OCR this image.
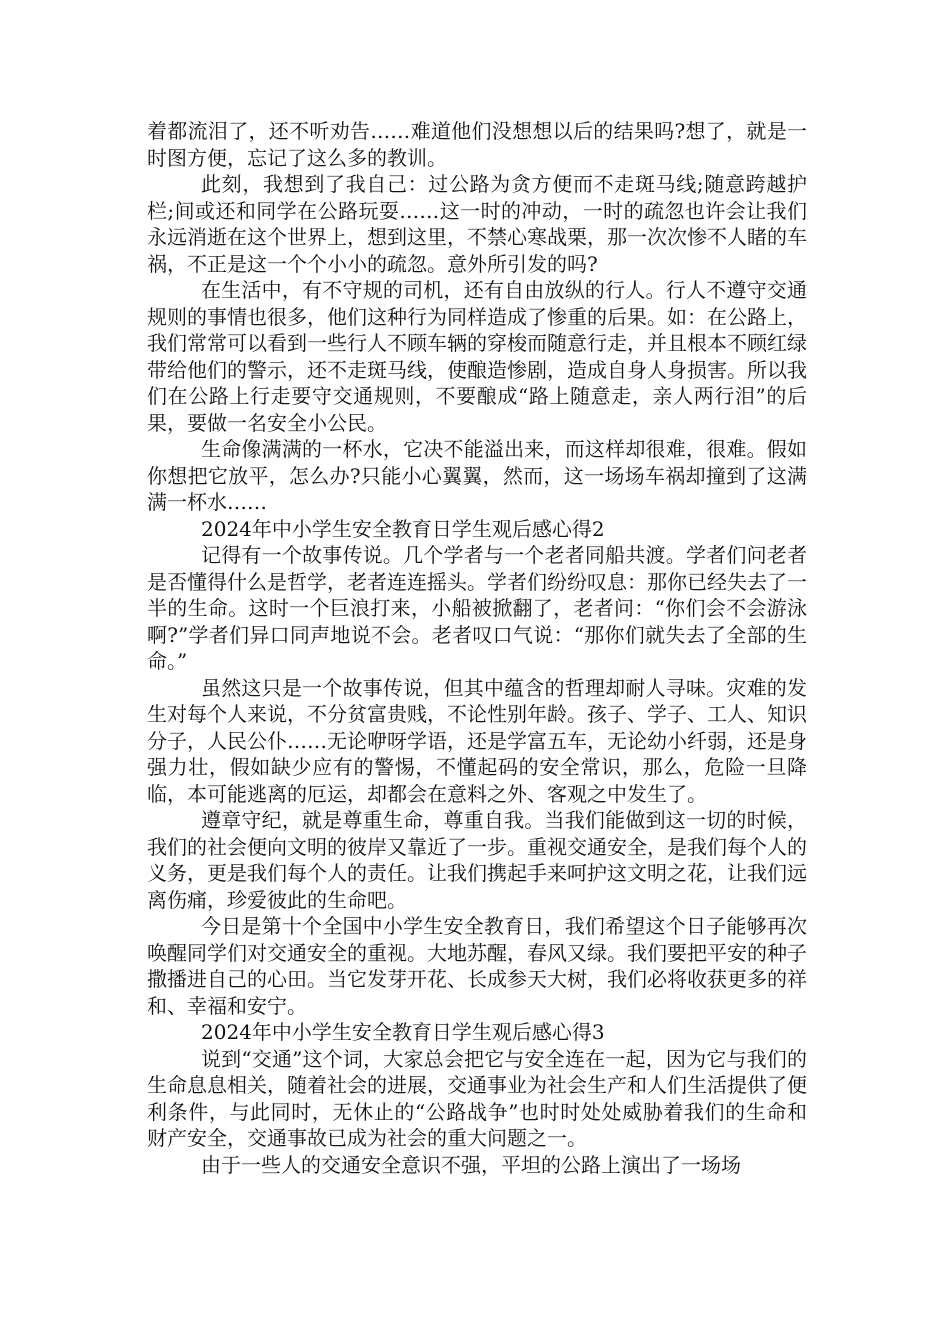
着都流泪了，还不听劝告……难道他们没想想以后的结果吗?想了，就是一时图方便，忘记了这么多的教训。

此刻，我想到了我自己：过公路为贪方便而不走斑马线;随意跨越护栏;间或还和同学在公路玩耍……这一时的冲动，一时的疏忽也许会让我们永远消逝在这个世界上，想到这里，不禁心寒战栗，那一次次惨不人睹的车祸，不正是这一个个小小的疏忽。意外所引发的吗?

在生活中，有不守规的司机，还有自由放纵的行人。行人不遵守交通规则的事情也很多，他们这种行为同样造成了惨重的后果。如：在公路上，我们常常可以看到一些行人不顾车辆的穿梭而随意行走，并且根本不顾红绿带给他们的警示，还不走斑马线，使酿造惨剧，造成自身人身损害。所以我们在公路上行走要守交通规则，不要酿成“路上随意走，亲人两行泪”的后果，要做一名安全小公民。

生命像满满的一杯水，它决不能溢出来，而这样却很难，很难。假如你想把它放平，怎么办?只能小心翼翼，然而，这一场场车祸却撞到了这满满一杯水……

2024年中小学生安全教育日学生观后感心得2

记得有一个故事传说。几个学者与一个老者同船共渡。学者们问老者是否懂得什么是哲学，老者连连摇头。学者们纷纷叹息：那你已经失去了一半的生命。这时一个巨浪打来，小船被掀翻了，老者问：“你们会不会游泳啊?”学者们异口同声地说不会。老者叹口气说：“那你们就失去了全部的生命。”

虽然这只是一个故事传说，但其中蕴含的哲理却耐人寻味。灾难的发生对每个人来说，不分贫富贵贱，不论性别年龄。孩子、学子、工人、知识分子，人民公仆……无论咿呀学语，还是学富五车，无论幼小纤弱，还是身强力壮，假如缺少应有的警惕，不懂起码的安全常识，那么，危险一旦降临，本可能逃离的厄运，却都会在意料之外、客观之中发生了。

遵章守纪，就是尊重生命，尊重自我。当我们能做到这一切的时候，我们的社会便向文明的彼岸又靠近了一步。重视交通安全，是我们每个人的义务，更是我们每个人的责任。让我们携起手来呵护这文明之花，让我们远离伤痛，珍爱彼此的生命吧。

今日是第十个全国中小学生安全教育日，我们希望这个日子能够再次唤醒同学们对交通安全的重视。大地苏醒，春风又绿。我们要把平安的种子撒播进自己的心田。当它发芽开花、长成参天大树，我们必将收获更多的祥和、幸福和安宁。

2024年中小学生安全教育日学生观后感心得3

说到“交通”这个词，大家总会把它与安全连在一起，因为它与我们的生命息息相关，随着社会的进展，交通事业为社会生产和人们生活提供了便利条件，与此同时，无休止的“公路战争”也时时处处威胁着我们的生命和财产安全，交通事故已成为社会的重大问题之一。

由于一些人的交通安全意识不强，平坦的公路上演出了一场场
